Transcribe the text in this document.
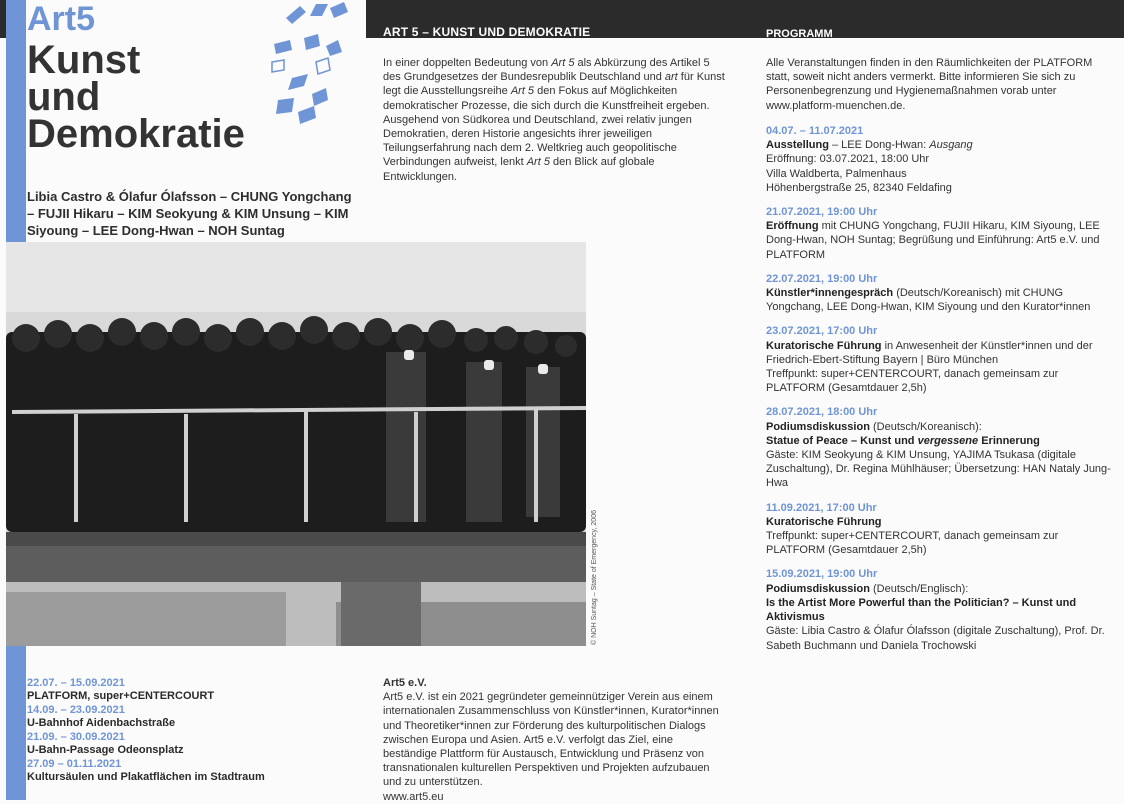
Art5
Kunst
und
Demokratie
Libia Castro & Ólafur Ólafsson – CHUNG Yongchang – FUJII Hikaru – KIM Seokyung & KIM Unsung – KIM Siyoung – LEE Dong-Hwan – NOH Suntag
© NOH Suntag – State of Emergency, 2006
22.07. – 15.09.2021
PLATFORM, super+CENTERCOURT
14.09. – 23.09.2021
U-Bahnhof Aidenbachstraße
21.09. – 30.09.2021
U-Bahn-Passage Odeonsplatz
27.09 – 01.11.2021
Kultursäulen und Plakatflächen im Stadtraum
ART 5 – KUNST UND DEMOKRATIE
In einer doppelten Bedeutung von Art 5 als Abkürzung des Artikel 5 des Grundgesetzes der Bundesrepublik Deutschland und art für Kunst legt die Ausstellungsreihe Art 5 den Fokus auf Möglichkeiten demokratischer Prozesse, die sich durch die Kunstfreiheit ergeben. Ausgehend von Südkorea und Deutschland, zwei relativ jungen Demokratien, deren Historie angesichts ihrer jeweiligen Teilungserfahrung nach dem 2. Weltkrieg auch geopolitische Verbindungen aufweist, lenkt Art 5 den Blick auf globale Entwicklungen.
Art5 e.V.
Art5 e.V. ist ein 2021 gegründeter gemeinnütziger Verein aus einem internationalen Zusammenschluss von Künstler*innen, Kurator*innen und Theoretiker*innen zur Förderung des kulturpolitischen Dialogs zwischen Europa und Asien. Art5 e.V. verfolgt das Ziel, eine beständige Plattform für Austausch, Entwicklung und Präsenz von transnationalen kulturellen Perspektiven und Projekten aufzubauen und zu unterstützen.
www.art5.eu
PROGRAMM
Alle Veranstaltungen finden in den Räumlichkeiten der PLATFORM statt, soweit nicht anders vermerkt. Bitte informieren Sie sich zu Personenbegrenzung und Hygienemaßnahmen vorab unter www.platform-muenchen.de.
04.07. – 11.07.2021
Ausstellung – LEE Dong-Hwan: Ausgang
Eröffnung: 03.07.2021, 18:00 Uhr
Villa Waldberta, Palmenhaus
Höhenbergstraße 25, 82340 Feldafing
21.07.2021, 19:00 Uhr
Eröffnung mit CHUNG Yongchang, FUJII Hikaru, KIM Siyoung, LEE Dong-Hwan, NOH Suntag; Begrüßung und Einführung: Art5 e.V. und PLATFORM
22.07.2021, 19:00 Uhr
Künstler*innengespräch (Deutsch/Koreanisch) mit CHUNG Yongchang, LEE Dong-Hwan, KIM Siyoung und den Kurator*innen
23.07.2021, 17:00 Uhr
Kuratorische Führung in Anwesenheit der Künstler*innen und der Friedrich-Ebert-Stiftung Bayern | Büro München
Treffpunkt: super+CENTERCOURT, danach gemeinsam zur PLATFORM (Gesamtdauer 2,5h)
28.07.2021, 18:00 Uhr
Podiumsdiskussion (Deutsch/Koreanisch):
Statue of Peace – Kunst und vergessene Erinnerung
Gäste: KIM Seokyung & KIM Unsung, YAJIMA Tsukasa (digitale Zuschaltung), Dr. Regina Mühlhäuser; Übersetzung: HAN Nataly Jung-Hwa
11.09.2021, 17:00 Uhr
Kuratorische Führung
Treffpunkt: super+CENTERCOURT, danach gemeinsam zur PLATFORM (Gesamtdauer 2,5h)
15.09.2021, 19:00 Uhr
Podiumsdiskussion (Deutsch/Englisch):
Is the Artist More Powerful than the Politician? – Kunst und Aktivismus
Gäste: Libia Castro & Ólafur Ólafsson (digitale Zuschaltung), Prof. Dr. Sabeth Buchmann und Daniela Trochowski
